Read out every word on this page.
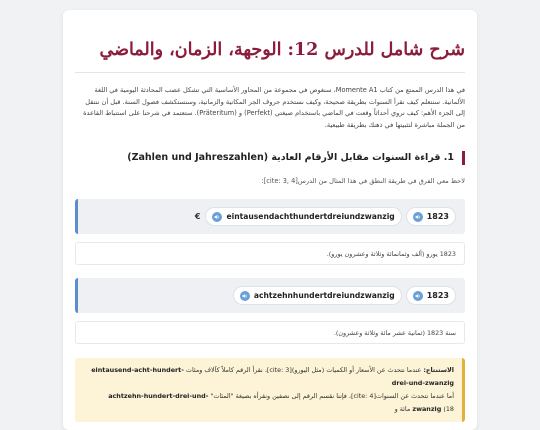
شرح شامل للدرس 12: الوجهة، الزمان، والماضي

في هذا الدرس الممتع من كتاب Momente A1، سنغوص في مجموعة من المحاور الأساسية التي تشكل عصب المحادثة اليومية في اللغة الألمانية. سنتعلم كيف نقرأ السنوات بطريقة صحيحة، وكيف نستخدم حروف الجر المكانية والزمانية، وسنستكشف فصول السنة. قبل أن ننتقل إلى الجزء الأهم: كيف نروي أحداثاً وقعت في الماضي باستخدام صيغتي (Perfekt) و (Präteritum). ستعتمد في شرحنا على استنباط القاعدة من الجملة مباشرة لتثبيتها في ذهنك بطريقة طبيعية.

1. قراءة السنوات مقابل الأرقام العادية (Zahlen und Jahreszahlen)

لاحظ معي الفرق في طريقة النطق في هذا المثال من الدرس[cite: 3, 4]:

1823
eintausendachthundertdreiundzwanzig
€
1823 يورو (ألف وثمانمائة وثلاثة وعشرون يورو).
1823
achtzehnhundertdreiundzwanzig
سنة 1823 (ثمانية عشر مائة وثلاثة وعشرون).
الاستنتاج: عندما نتحدث عن الأسعار أو الكميات (مثل اليورو)[cite: 3]، نقرأ الرقم كاملاً كآلاف ومئات eintausend-acht-hundert-drei-und-zwanzig
أما عندما نتحدث عن السنوات[cite: 4]، فإننا نقسم الرقم إلى نصفين ونقرأه بصيغة "المئات" achtzehn-hundert-drei-und-zwanzig (18 مائة و
